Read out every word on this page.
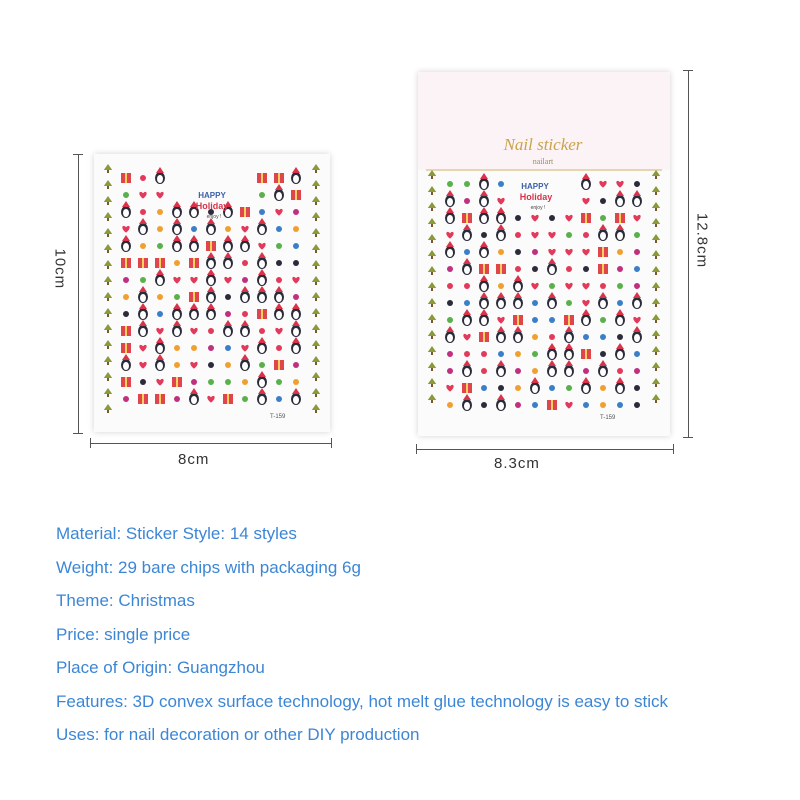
HAPPY
Holiday
enjoy !
T-159
Nail sticker
nailart
HAPPY
Holiday
enjoy !
T-159
10cm
8cm
12.8cm
8.3cm
Material: Sticker Style: 14 styles
Weight: 29 bare chips with packaging 6g
Theme: Christmas
Price: single price
Place of Origin: Guangzhou
Features: 3D convex surface technology, hot melt glue technology is easy to stick
Uses: for nail decoration or other DIY production
